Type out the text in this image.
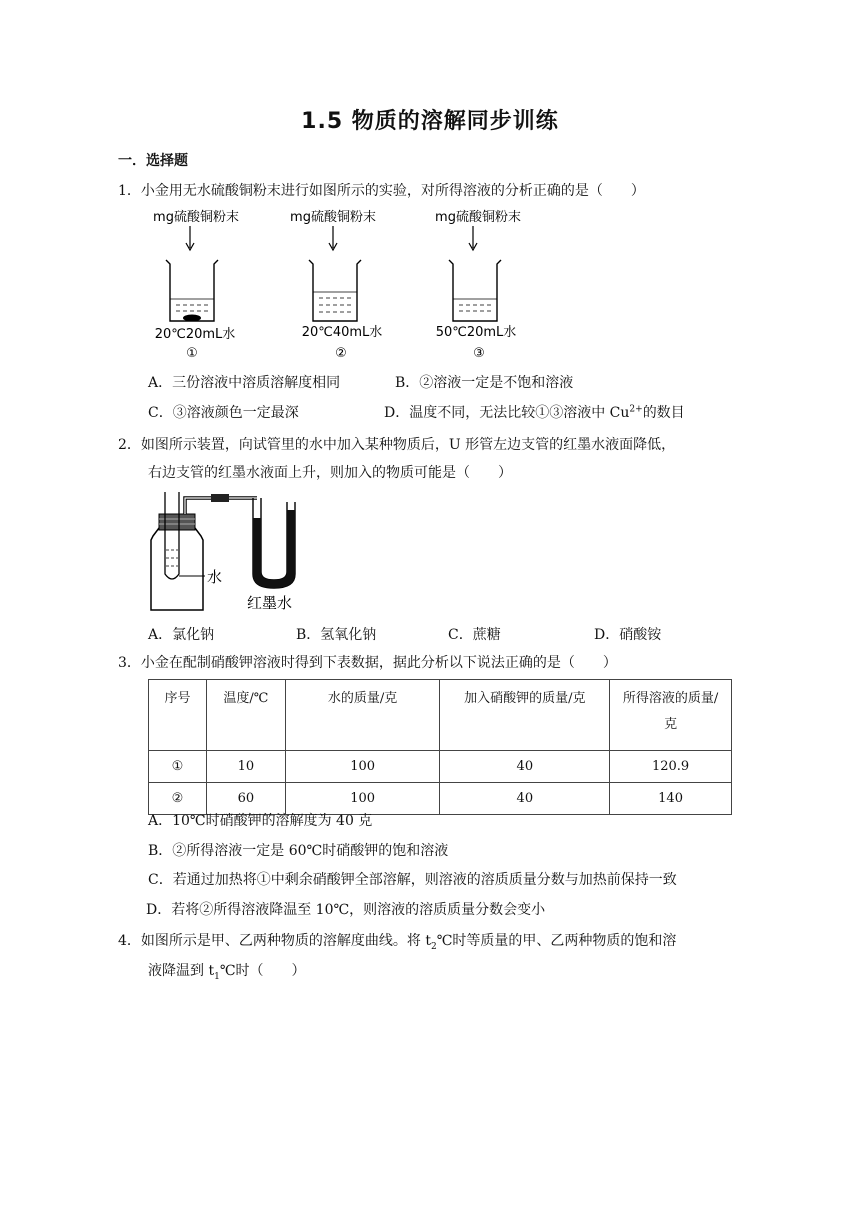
1.5 物质的溶解同步训练
一．选择题
1．小金用无水硫酸铜粉末进行如图所示的实验，对所得溶液的分析正确的是（　　）
mg硫酸铜粉末
20℃20mL水
①
mg硫酸铜粉末
20℃40mL水
②
mg硫酸铜粉末
50℃20mL水
③
A．三份溶液中溶质溶解度相同	B．②溶液一定是不饱和溶液
C．③溶液颜色一定最深	D．温度不同，无法比较①③溶液中 $Cu^{2+}$的数目
2．如图所示装置，向试管里的水中加入某种物质后，U 形管左边支管的红墨水液面降低，
右边支管的红墨水液面上升，则加入的物质可能是（　　）
水
红墨水
A．氯化钠	B．氢氧化钠	C．蔗糖	D．硝酸铵
3．小金在配制硝酸钾溶液时得到下表数据，据此分析以下说法正确的是（　　）
序号	温度/℃	水的质量/克	加入硝酸钾的质量/克	所得溶液的质量/克
①	10	100	40	120.9
②	60	100	40	140
A．10℃时硝酸钾的溶解度为 40 克
B．②所得溶液一定是 60℃时硝酸钾的饱和溶液
C．若通过加热将①中剩余硝酸钾全部溶解，则溶液的溶质质量分数与加热前保持一致
D．若将②所得溶液降温至 10℃，则溶液的溶质质量分数会变小
4．如图所示是甲、乙两种物质的溶解度曲线。将 $t_2℃$时等质量的甲、乙两种物质的饱和溶
液降温到 $t_1℃$时（　　）
